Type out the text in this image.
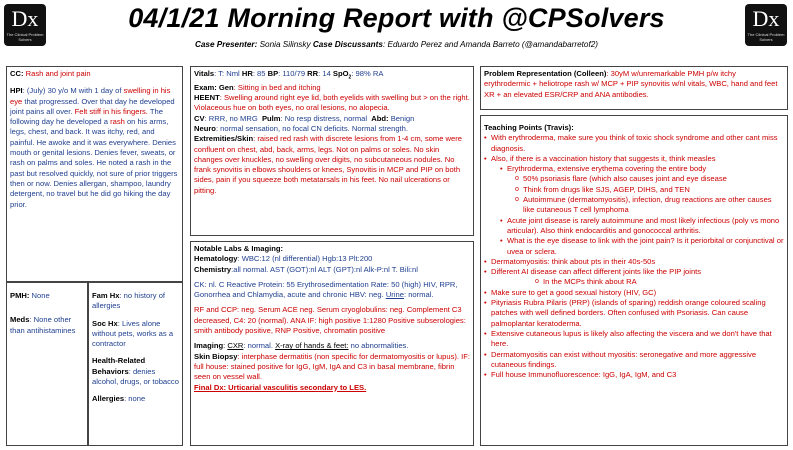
Dx
The Clinical Problem Solvers
Dx
The Clinical Problem Solvers
04/1/21 Morning Report with @CPSolvers
Case Presenter: Sonia Silinsky Case Discussants: Eduardo Perez and Amanda Barreto (@amandabarretof2)

CC: Rash and joint pain

HPI: (July) 30 y/o M with 1 day of swelling in his eye that progressed. Over that day he developed joint pains all over. Felt stiff in his fingers. The following day he developed a rash on his arms, legs, chest, and back. It was itchy, red, and painful. He awoke and it was everywhere. Denies mouth or genital lesions. Denies fever, sweats, or rash on palms and soles. He noted a rash in the past but resolved quickly, not sure of prior triggers then or now. Denies allergan, shampoo, laundry detergent, no travel but he did go hiking the day prior.

PMH: None

Meds: None other than antihistamines

Fam Hx: no history of allergies

Soc Hx: Lives alone without pets, works as a contractor

Health-Related Behaviors: denies alcohol, drugs, or tobacco

Allergies: none

Vitals: T: Nml HR: 85 BP: 110/79 RR: 14 SpO$_2$: 98% RA
Exam: Gen: Sitting in bed and itching
HEENT: Swelling around right eye lid, both eyelids with swelling but > on the right. Violaceous hue on both eyes, no oral lesions, no alopecia.
CV: RRR, no MRG Pulm: No resp distress, normal Abd: Benign
Neuro: normal sensation, no focal CN deficits. Normal strength.
Extremities/Skin: raised red rash with discrete lesions from 1-4 cm, some were confluent on chest, abd, back, arms, legs. Not on palms or soles. No skin changes over knuckles, no swelling over digits, no subcutaneous nodules. No frank synovitis in elbows shoulders or knees, Synovitis in MCP and PIP on both sides, pain if you squeeze both metatarsals in his feet. No nail ulcerations or pitting.
Notable Labs & Imaging:
Hematology: WBC:12 (nl differential) Hgb:13 Plt:200
Chemistry:all normal. AST (GOT):nl ALT (GPT):nl Alk-P:nl T. Bili:nl

CK: nl. C Reactive Protein: 55 Erythrosedimentation Rate: 50 (high) HIV, RPR, Gonorrhea and Chlamydia, acute and chronic HBV: neg. Urine: normal.

RF and CCP: neg. Serum ACE neg. Serum cryoglobulins: neg. Complement C3 decreased, C4: 20 (normal). ANA IF: high positive 1:1280 Positive subserologies: smith antibody positive, RNP Positive, chromatin positive

Imaging: CXR: normal. X-ray of hands & feet: no abnormalities.
Skin Biopsy: interphase dermatitis (non specific for dermatomyositis or lupus). IF: full house: stained positive for IgG, IgM, IgA and C3 in basal membrane, fibrin seen on vessel wall.
Final Dx: Urticarial vasculitis secondary to LES.

Problem Representation (Colleen): 30yM w/unremarkable PMH p/w itchy erythrodermic + heliotrope rash w/ MCP + PIP synovitis w/nl vitals, WBC, hand and feet XR + an elevated ESR/CRP and ANA antibodies.
Teaching Points (Travis):
• With erythroderma, make sure you think of toxic shock syndrome and other cant miss diagnosis.
• Also, if there is a vaccination history that suggests it, think measles
• Erythroderma, extensive erythema covering the entire body
o 50% psoriasis flare (which also causes joint and eye disease
o Think from drugs like SJS, AGEP, DIHS, and TEN
o Autoimmune (dermatomyositis), infection, drug reactions are other causes like cutaneous T cell lymphoma
• Acute joint disease is rarely autoimmune and most likely infectious (poly vs mono articular). Also think endocarditis and gonococcal arthritis.
• What is the eye disease to link with the joint pain? Is it periorbital or conjunctival or uvea or sclera.
• Dermatomyositis: think about pts in their 40s-50s
• Different AI disease can affect different joints like the PIP joints
o In the MCPs think about RA
• Make sure to get a good sexual history (HIV, GC)
• Pityriasis Rubra Pilaris (PRP) (islands of sparing) reddish orange coloured scaling patches with well defined borders. Often confused with Psoriasis. Can cause palmoplantar keratoderma.
• Extensive cutaneous lupus is likely also affecting the viscera and we don't have that here.
• Dermatomyositis can exist without myositis: seronegative and more aggressive cutaneous findings.
• Full house Immunofluorescence: IgG, IgA, IgM, and C3
